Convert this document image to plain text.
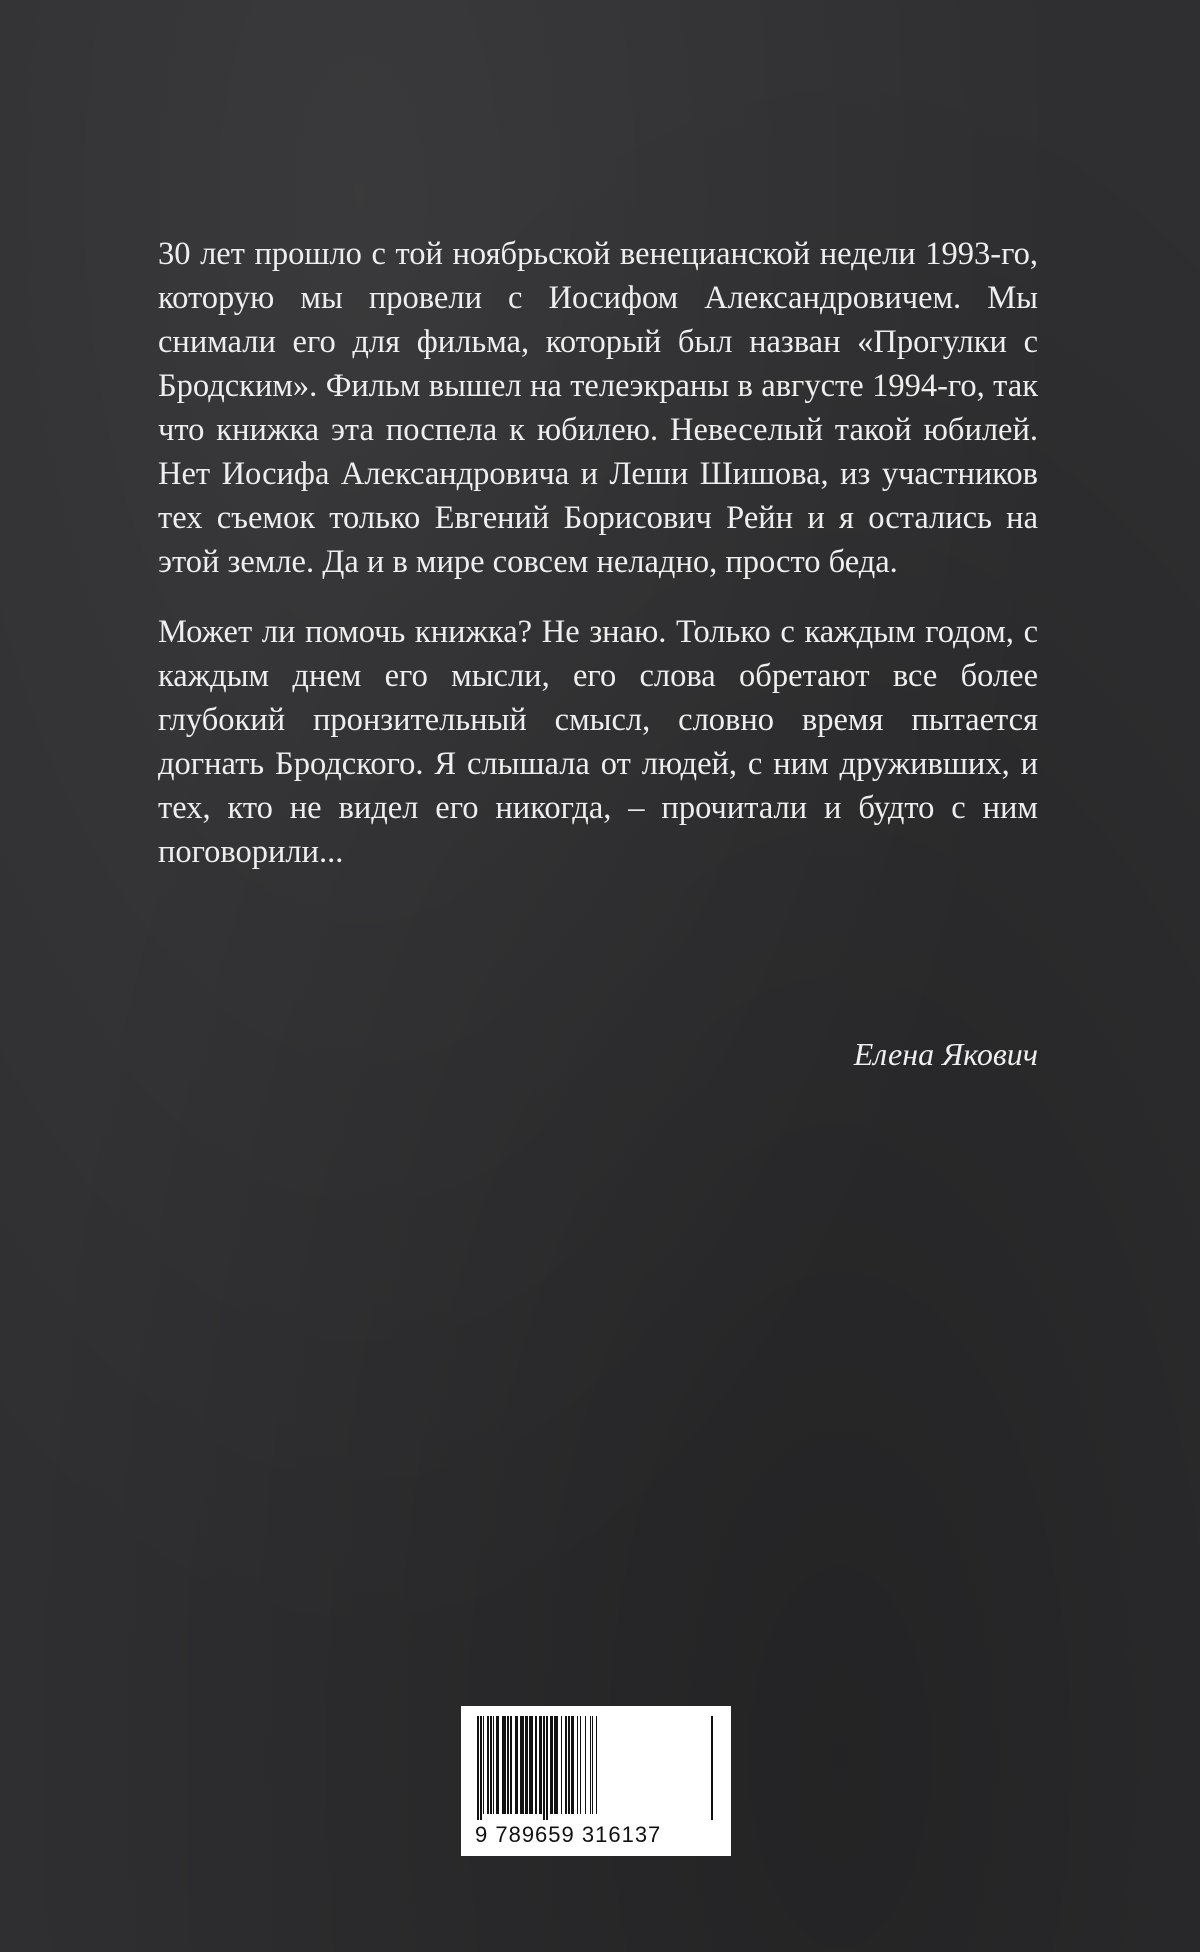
30 лет прошло с той ноябрьской венецианской недели 1993-го, которую мы провели с Иосифом Александровичем. Мы снимали его для фильма, который был назван «Прогулки с Бродским». Фильм вышел на телеэкраны в августе 1994-го, так что книжка эта поспела к юбилею. Невеселый такой юбилей. Нет Иосифа Александровича и Леши Шишова, из участников тех съемок только Евгений Борисович Рейн и я остались на этой земле. Да и в мире совсем неладно, просто беда.

Может ли помочь книжка? Не знаю. Только с каждым годом, с каждым днем его мысли, его слова обретают все более глубокий пронзительный смысл, словно время пытается догнать Бродского. Я слышала от людей, с ним друживших, и тех, кто не видел его никогда, – прочитали и будто с ним поговорили...

Елена Якович
9 789659 316137
